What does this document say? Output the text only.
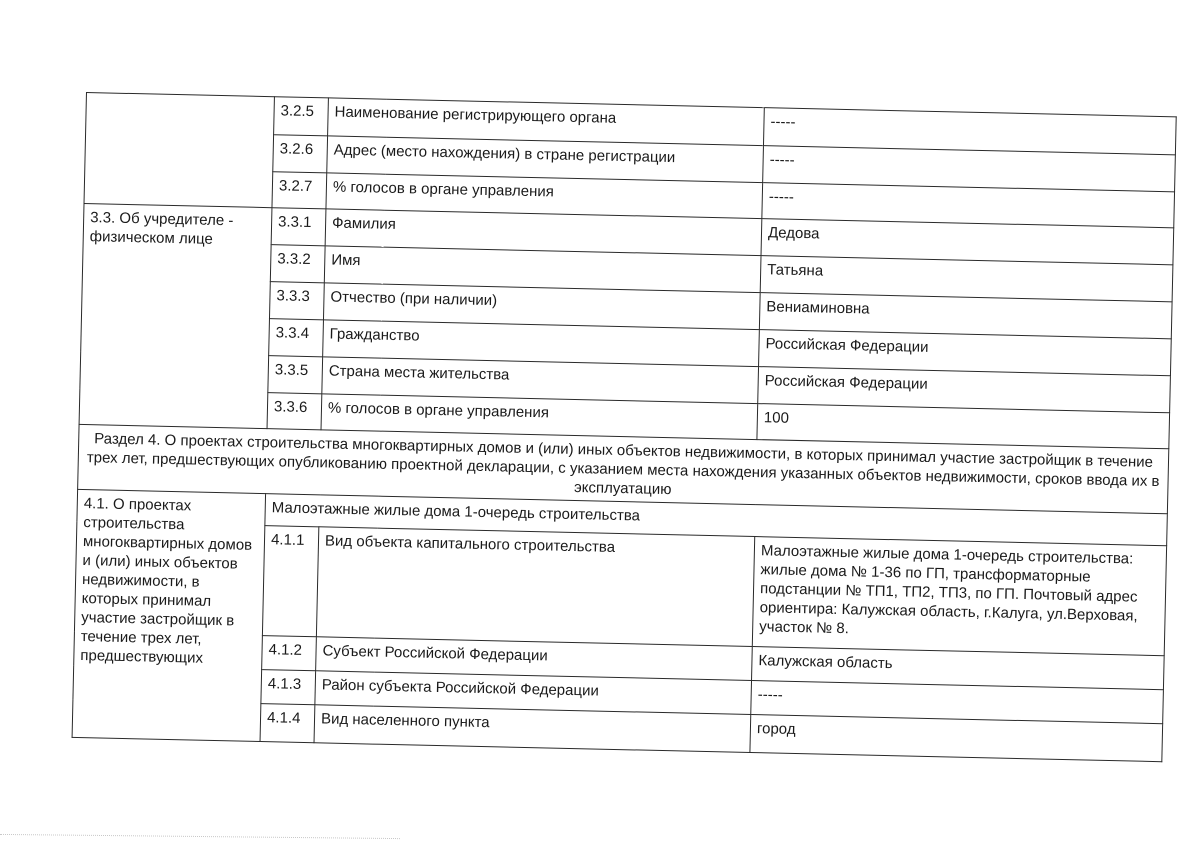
	3.2.5	Наименование регистрирующего органа	-----
	3.2.6	Адрес (место нахождения) в стране регистрации	-----
	3.2.7	% голосов в органе управления	-----
3.3. Об учредителе - физическом лице	3.3.1	Фамилия	Дедова
	3.3.2	Имя	Татьяна
	3.3.3	Отчество (при наличии)	Вениаминовна
	3.3.4	Гражданство	Российская Федерации
	3.3.5	Страна места жительства	Российская Федерации
	3.3.6	% голосов в органе управления	100
Раздел 4. О проектах строительства многоквартирных домов и (или) иных объектов недвижимости, в которых принимал участие застройщик в течение трех лет, предшествующих опубликованию проектной декларации, с указанием места нахождения указанных объектов недвижимости, сроков ввода их в эксплуатацию			
4.1. О проектах строительства многоквартирных домов и (или) иных объектов недвижимости, в которых принимал участие застройщик в течение трех лет, предшествующих	Малоэтажные жилые дома 1-очередь строительства		
	4.1.1	Вид объекта капитального строительства	Малоэтажные жилые дома 1-очередь строительства: жилые дома № 1-36 по ГП, трансформаторные подстанции № ТП1, ТП2, ТП3, по ГП. Почтовый адрес ориентира: Калужская область, г.Калуга, ул.Верховая, участок № 8.
	4.1.2	Субъект Российской Федерации	Калужская область
	4.1.3	Район субъекта Российской Федерации	-----
	4.1.4	Вид населенного пункта	город
